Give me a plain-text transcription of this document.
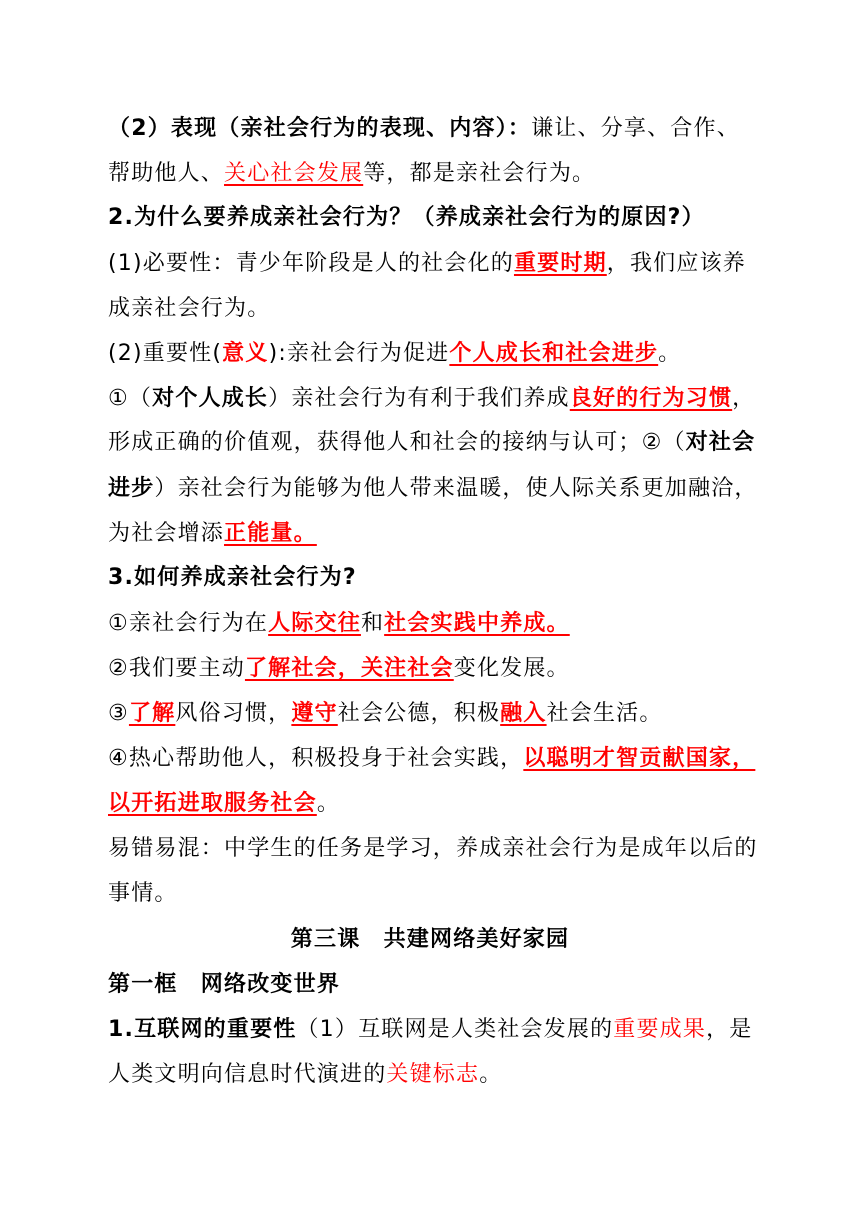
（2）表现（亲社会行为的表现、内容）：谦让、分享、合作、
帮助他人、关心社会发展等，都是亲社会行为。
2.为什么要养成亲社会行为？（养成亲社会行为的原因?）
(1)必要性：青少年阶段是人的社会化的重要时期，我们应该养
成亲社会行为。
(2)重要性(意义):亲社会行为促进个人成长和社会进步。
①（对个人成长）亲社会行为有利于我们养成良好的行为习惯，
形成正确的价值观，获得他人和社会的接纳与认可；②（对社会
进步）亲社会行为能够为他人带来温暖，使人际关系更加融洽，
为社会增添正能量。
3.如何养成亲社会行为?
①亲社会行为在人际交往和社会实践中养成。
②我们要主动了解社会，关注社会变化发展。
③了解风俗习惯，遵守社会公德，积极融入社会生活。
④热心帮助他人，积极投身于社会实践，以聪明才智贡献国家，
以开拓进取服务社会。
易错易混：中学生的任务是学习，养成亲社会行为是成年以后的
事情。
第三课　共建网络美好家园
第一框　网络改变世界
1.互联网的重要性（1）互联网是人类社会发展的重要成果，是
人类文明向信息时代演进的关键标志。
